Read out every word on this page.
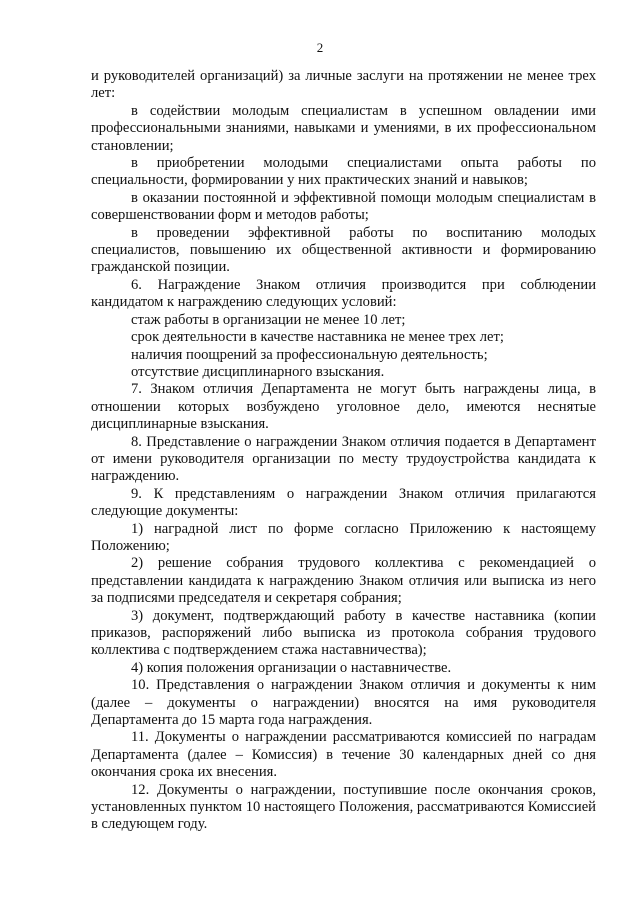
2

и руководителей организаций) за личные заслуги на протяжении не менее трех лет:

в содействии молодым специалистам в успешном овладении ими профессиональными знаниями, навыками и умениями, в их профессиональном становлении;

в приобретении молодыми специалистами опыта работы по специальности, формировании у них практических знаний и навыков;

в оказании постоянной и эффективной помощи молодым специалистам в совершенствовании форм и методов работы;

в проведении эффективной работы по воспитанию молодых специалистов, повышению их общественной активности и формированию гражданской позиции.

6. Награждение Знаком отличия производится при соблюдении кандидатом к награждению следующих условий:

стаж работы в организации не менее 10 лет;

срок деятельности в качестве наставника не менее трех лет;

наличия поощрений за профессиональную деятельность;

отсутствие дисциплинарного взыскания.

7. Знаком отличия Департамента не могут быть награждены лица, в отношении которых возбуждено уголовное дело, имеются неснятые дисциплинарные взыскания.

8. Представление о награждении Знаком отличия подается в Департамент от имени руководителя организации по месту трудоустройства кандидата к награждению.

9. К представлениям о награждении Знаком отличия прилагаются следующие документы:

1) наградной лист по форме согласно Приложению к настоящему Положению;

2) решение собрания трудового коллектива с рекомендацией о представлении кандидата к награждению Знаком отличия или выписка из него за подписями председателя и секретаря собрания;

3) документ, подтверждающий работу в качестве наставника (копии приказов, распоряжений либо выписка из протокола собрания трудового коллектива с подтверждением стажа наставничества);

4) копия положения организации о наставничестве.

10. Представления о награждении Знаком отличия и документы к ним (далее – документы о награждении) вносятся на имя руководителя Департамента до 15 марта года награждения.

11. Документы о награждении рассматриваются комиссией по наградам Департамента (далее – Комиссия) в течение 30 календарных дней со дня окончания срока их внесения.

12. Документы о награждении, поступившие после окончания сроков, установленных пунктом 10 настоящего Положения, рассматриваются Комиссией в следующем году.
